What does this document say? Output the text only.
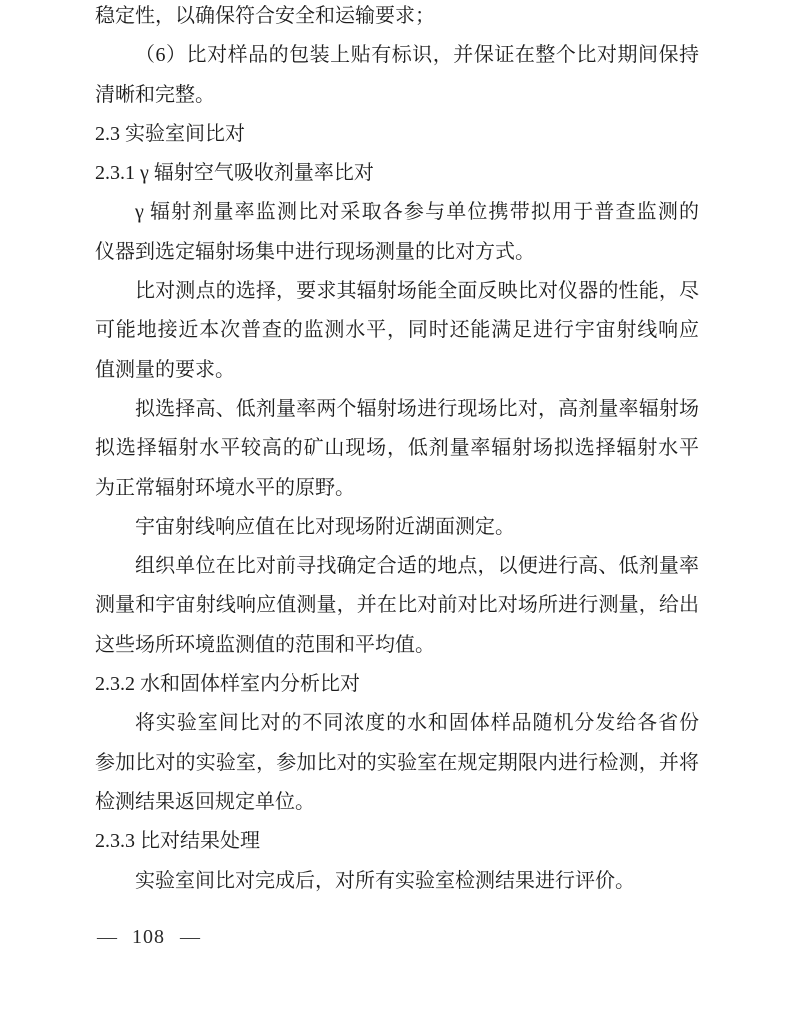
稳定性，以确保符合安全和运输要求；
（6）比对样品的包装上贴有标识，并保证在整个比对期间保持
清晰和完整。
2.3 实验室间比对
2.3.1 γ 辐射空气吸收剂量率比对
γ 辐射剂量率监测比对采取各参与单位携带拟用于普查监测的
仪器到选定辐射场集中进行现场测量的比对方式。
比对测点的选择，要求其辐射场能全面反映比对仪器的性能，尽
可能地接近本次普查的监测水平，同时还能满足进行宇宙射线响应
值测量的要求。
拟选择高、低剂量率两个辐射场进行现场比对，高剂量率辐射场
拟选择辐射水平较高的矿山现场，低剂量率辐射场拟选择辐射水平
为正常辐射环境水平的原野。
宇宙射线响应值在比对现场附近湖面测定。
组织单位在比对前寻找确定合适的地点，以便进行高、低剂量率
测量和宇宙射线响应值测量，并在比对前对比对场所进行测量，给出
这些场所环境监测值的范围和平均值。
2.3.2 水和固体样室内分析比对
将实验室间比对的不同浓度的水和固体样品随机分发给各省份
参加比对的实验室，参加比对的实验室在规定期限内进行检测，并将
检测结果返回规定单位。
2.3.3 比对结果处理
实验室间比对完成后，对所有实验室检测结果进行评价。
— 108 —
